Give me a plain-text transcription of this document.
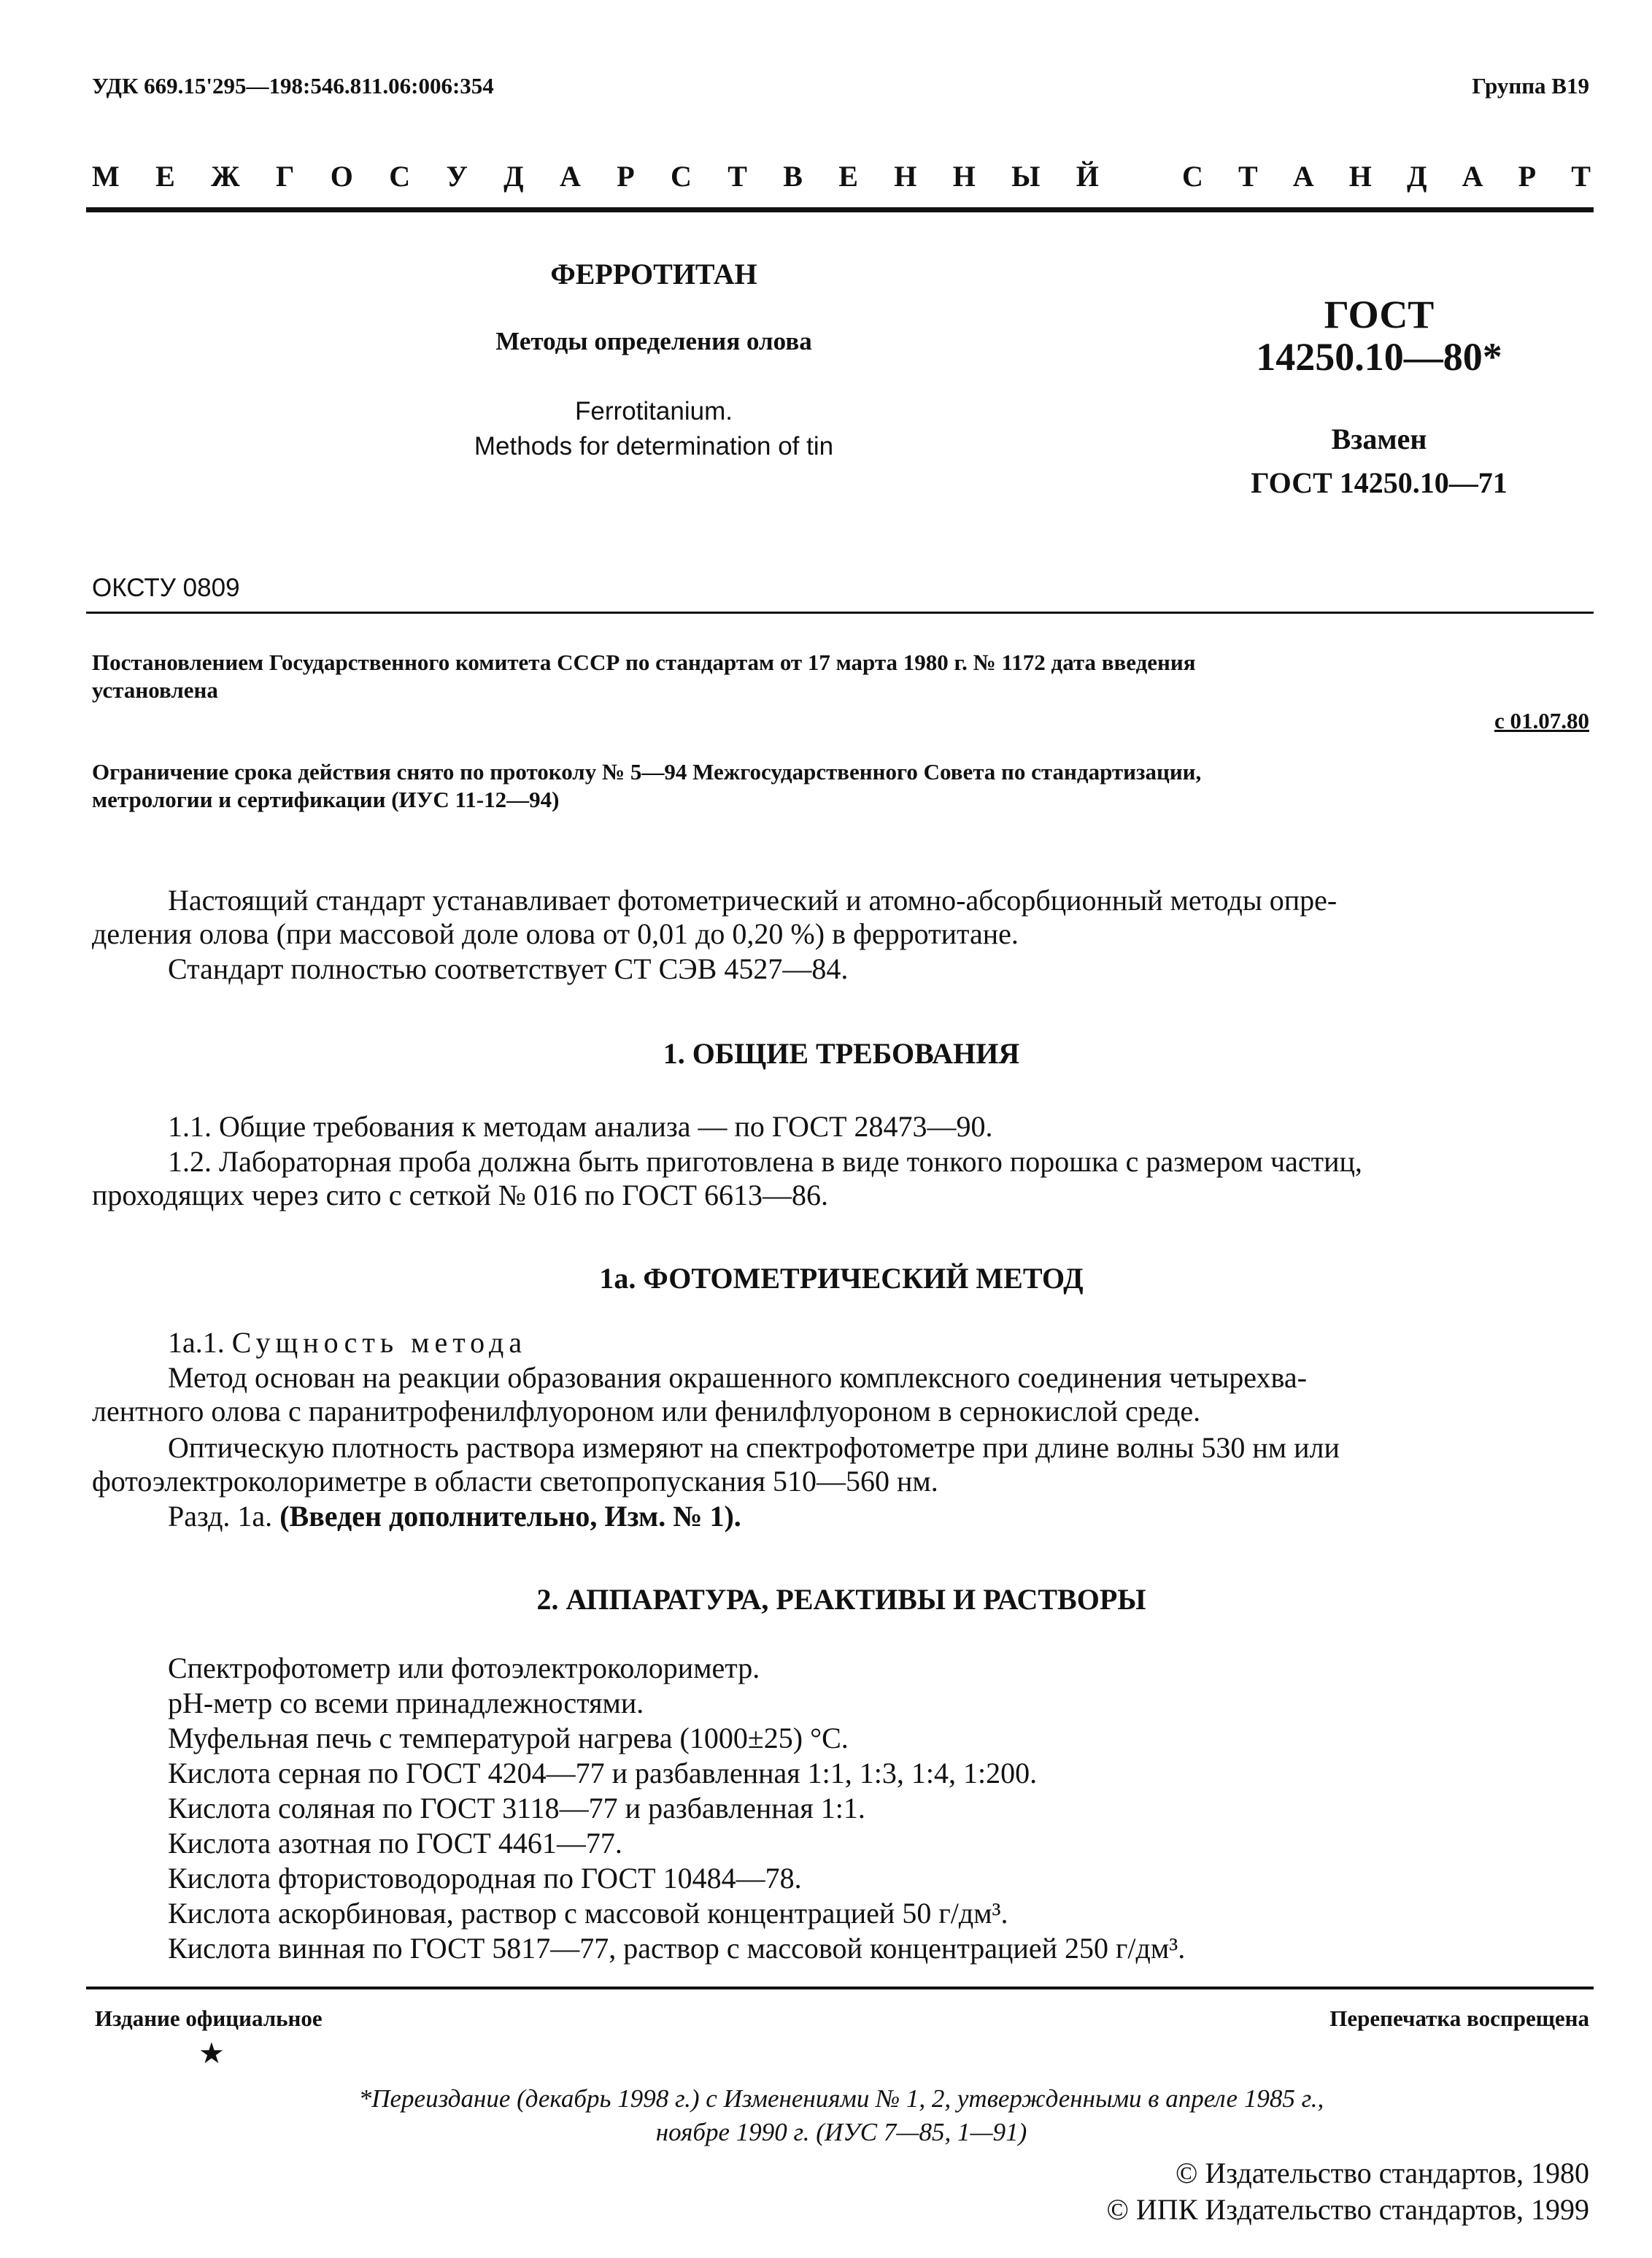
УДК 669.15'295—198:546.811.06:006:354	Группа В19
М Е Ж Г О С У Д А Р С Т В Е Н Н Ы Й	С Т А Н Д А Р Т
ФЕРРОТИТАН
Методы определения олова
Ferrotitanium.
Methods for determination of tin
ГОСТ
14250.10—80*
Взамен
ГОСТ 14250.10—71
ОКСТУ 0809
Постановлением Государственного комитета СССР по стандартам от 17 марта 1980 г. № 1172 дата введения
установлена
с 01.07.80
Ограничение срока действия снято по протоколу № 5—94 Межгосударственного Совета по стандартизации,
метрологии и сертификации (ИУС 11-12—94)
Настоящий стандарт устанавливает фотометрический и атомно-абсорбционный методы опре-
деления олова (при массовой доле олова от 0,01 до 0,20 %) в ферротитане.
Стандарт полностью соответствует СТ СЭВ 4527—84.
1. ОБЩИЕ ТРЕБОВАНИЯ
1.1. Общие требования к методам анализа — по ГОСТ 28473—90.
1.2. Лабораторная проба должна быть приготовлена в виде тонкого порошка с размером частиц,
проходящих через сито с сеткой № 016 по ГОСТ 6613—86.
1а. ФОТОМЕТРИЧЕСКИЙ МЕТОД
1а.1. Сущность метода
Метод основан на реакции образования окрашенного комплексного соединения четырехва-
лентного олова с паранитрофенилфлуороном или фенилфлуороном в сернокислой среде.
Оптическую плотность раствора измеряют на спектрофотометре при длине волны 530 нм или
фотоэлектроколориметре в области светопропускания 510—560 нм.
Разд. 1а. (Введен дополнительно, Изм. № 1).
2. АППАРАТУРА, РЕАКТИВЫ И РАСТВОРЫ
Спектрофотометр или фотоэлектроколориметр.
pH-метр со всеми принадлежностями.
Муфельная печь с температурой нагрева (1000±25) °С.
Кислота серная по ГОСТ 4204—77 и разбавленная 1:1, 1:3, 1:4, 1:200.
Кислота соляная по ГОСТ 3118—77 и разбавленная 1:1.
Кислота азотная по ГОСТ 4461—77.
Кислота фтористоводородная по ГОСТ 10484—78.
Кислота аскорбиновая, раствор с массовой концентрацией 50 г/дм³.
Кислота винная по ГОСТ 5817—77, раствор с массовой концентрацией 250 г/дм³.
Издание официальное	Перепечатка воспрещена
★
*Переиздание (декабрь 1998 г.) с Изменениями № 1, 2, утвержденными в апреле 1985 г.,
ноябре 1990 г. (ИУС 7—85, 1—91)
© Издательство стандартов, 1980
© ИПК Издательство стандартов, 1999
